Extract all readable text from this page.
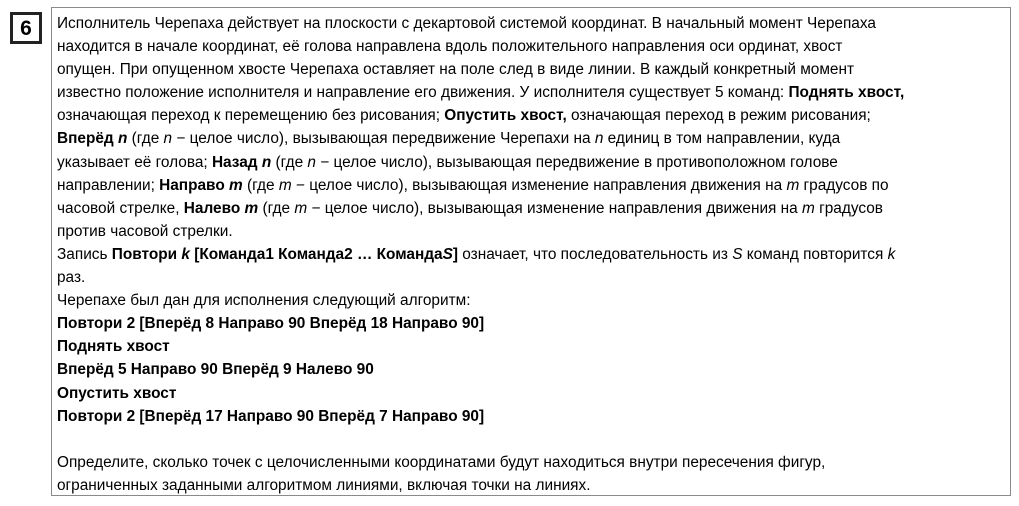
6 Исполнитель Черепаха действует на плоскости с декартовой системой координат. В начальный момент Черепаха
находится в начале координат, её голова направлена вдоль положительного направления оси ординат, хвост
опущен. При опущенном хвосте Черепаха оставляет на поле след в виде линии. В каждый конкретный момент
известно положение исполнителя и направление его движения. У исполнителя существует 5 команд: Поднять хвост,
означающая переход к перемещению без рисования; Опустить хвост, означающая переход в режим рисования;
Вперёд n (где n − целое число), вызывающая передвижение Черепахи на n единиц в том направлении, куда
указывает её голова; Назад n (где n − целое число), вызывающая передвижение в противоположном голове
направлении; Направо m (где m − целое число), вызывающая изменение направления движения на m градусов по
часовой стрелке, Налево m (где m − целое число), вызывающая изменение направления движения на m градусов
против часовой стрелки.
Запись Повтори k [Команда1 Команда2 … КомандаS] означает, что последовательность из S команд повторится k
раз.
Черепахе был дан для исполнения следующий алгоритм:
Повтори 2 [Вперёд 8 Направо 90 Вперёд 18 Направо 90]
Поднять хвост
Вперёд 5 Направо 90 Вперёд 9 Налево 90
Опустить хвост
Повтори 2 [Вперёд 17 Направо 90 Вперёд 7 Направо 90]
Определите, сколько точек с целочисленными координатами будут находиться внутри пересечения фигур,
ограниченных заданными алгоритмом линиями, включая точки на линиях.
